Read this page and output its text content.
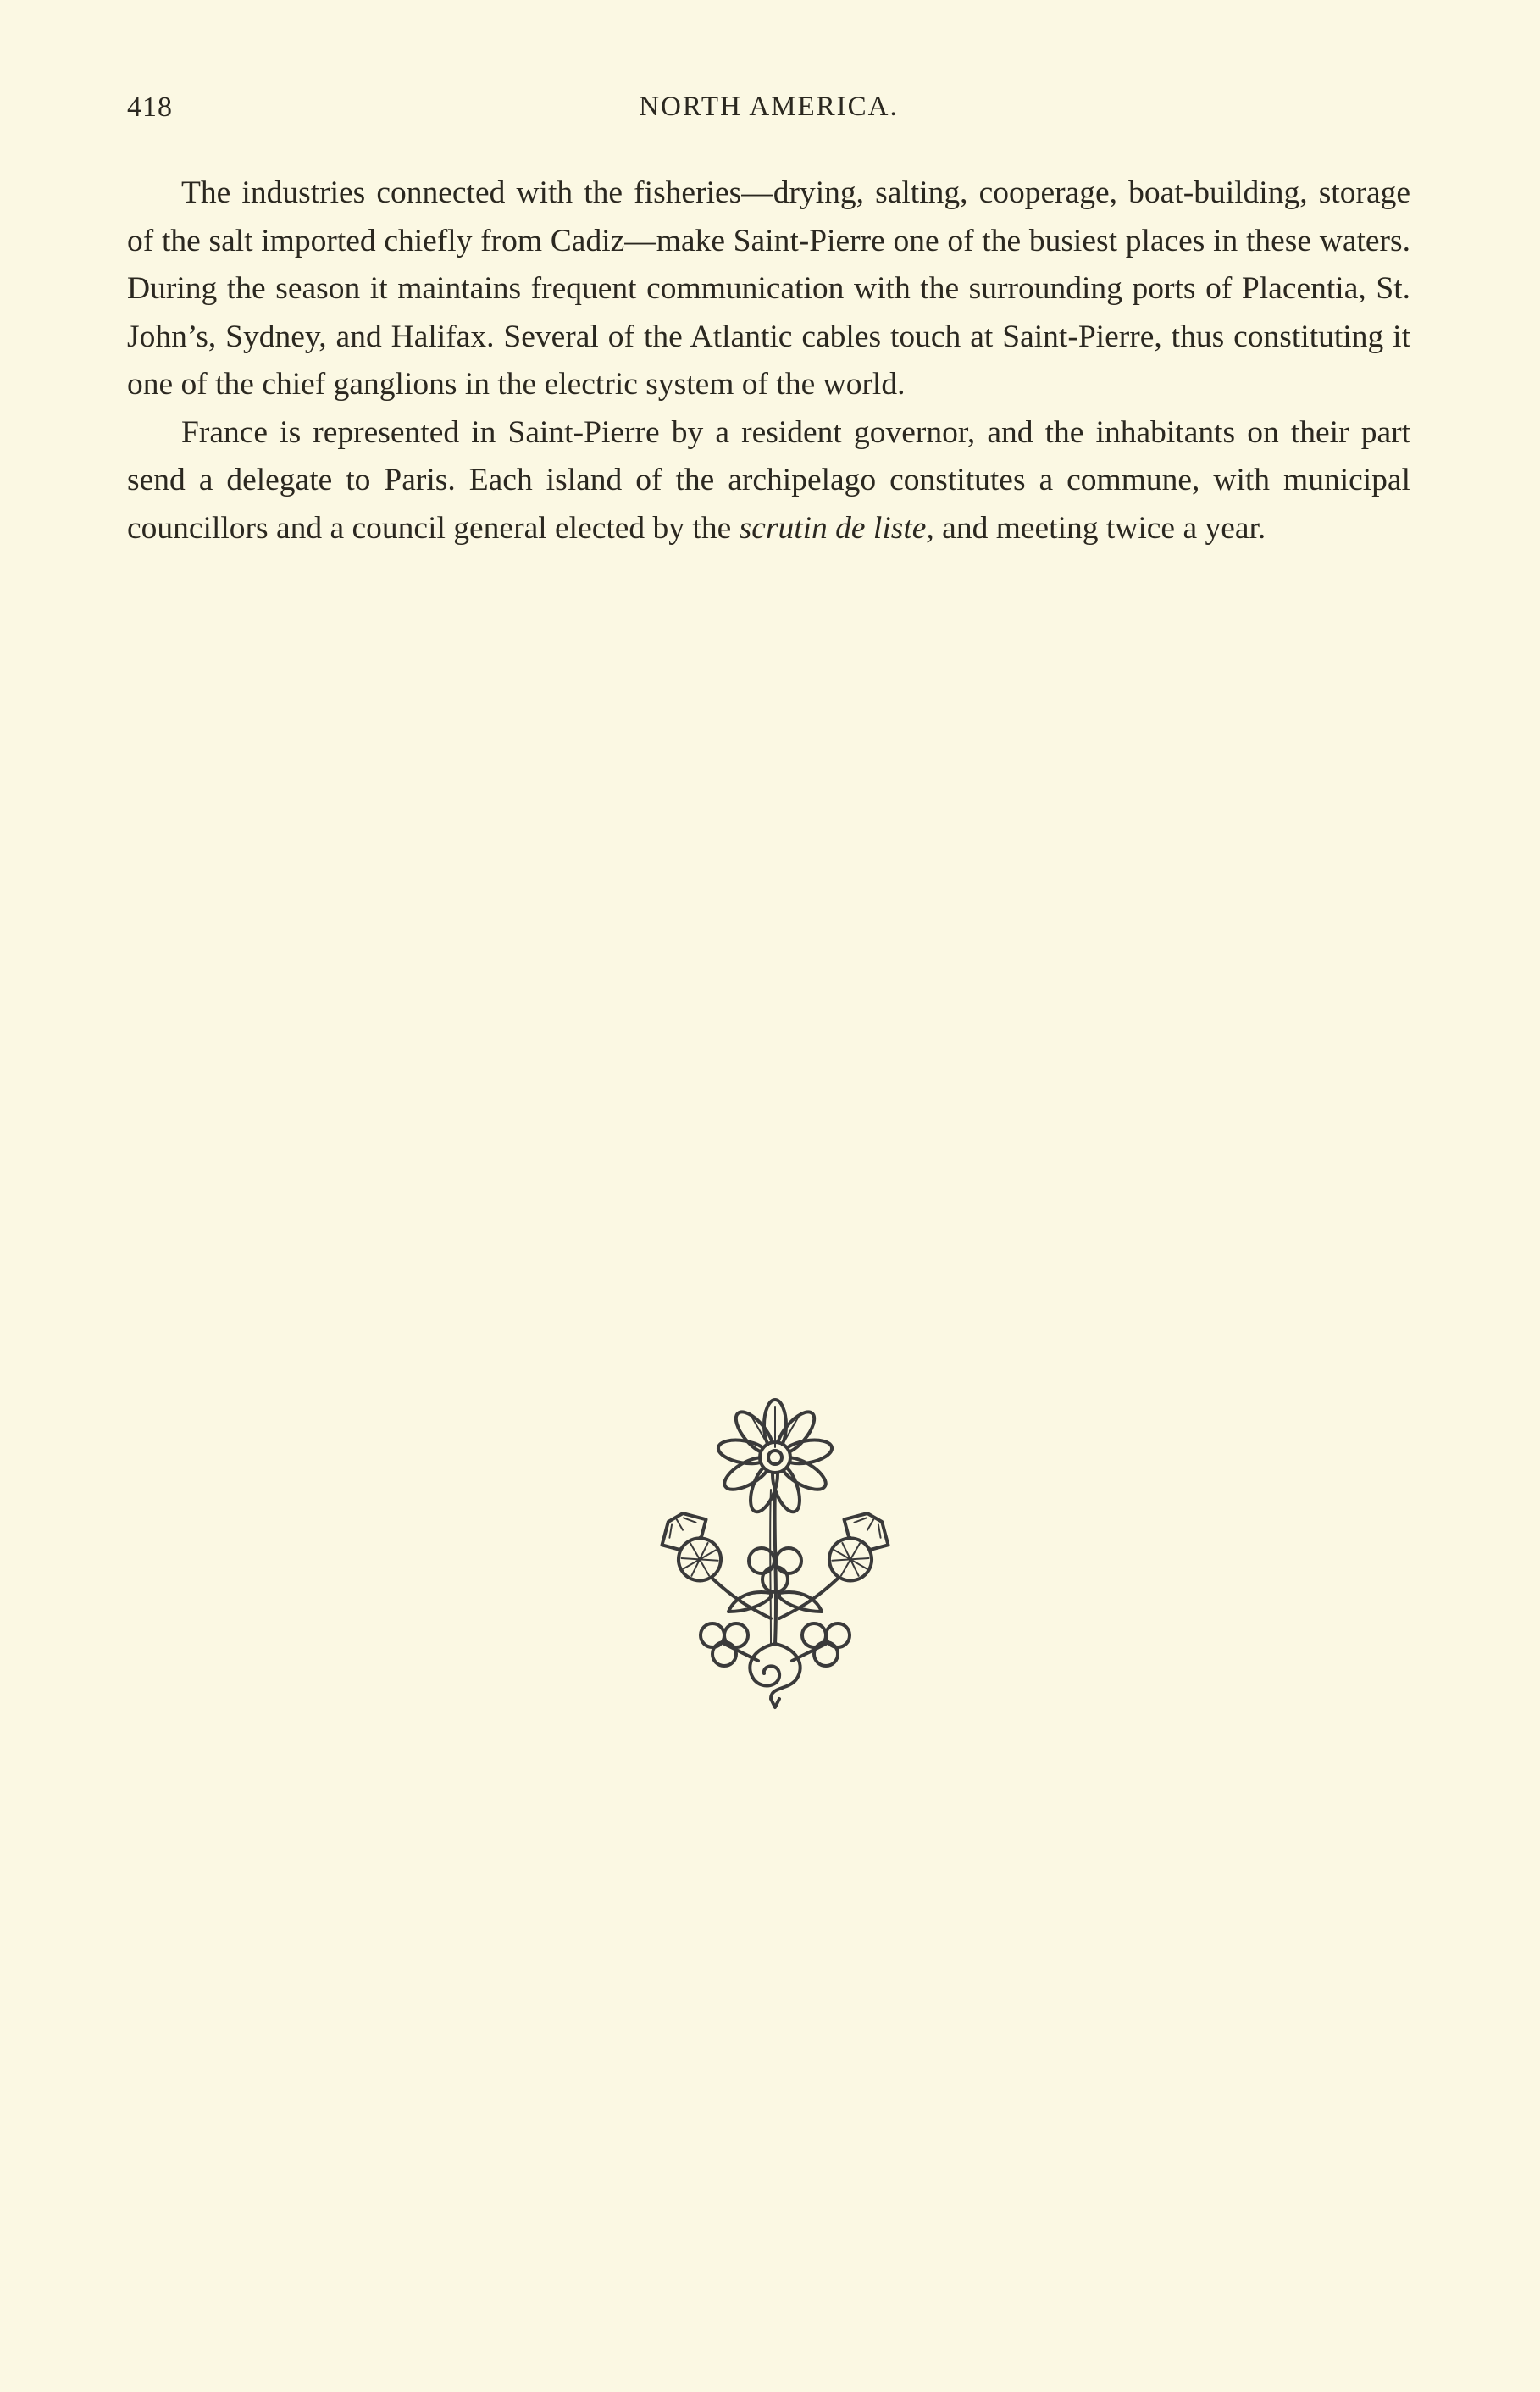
418	NORTH AMERICA.

The industries connected with the fisheries—drying, salting, cooperage, boat-building, storage of the salt imported chiefly from Cadiz—make Saint-Pierre one of the busiest places in these waters. During the season it maintains frequent communication with the surrounding ports of Placentia, St. John’s, Sydney, and Halifax. Several of the Atlantic cables touch at Saint-Pierre, thus constituting it one of the chief ganglions in the electric system of the world.

France is represented in Saint-Pierre by a resident governor, and the inhabitants on their part send a delegate to Paris. Each island of the archipelago constitutes a commune, with municipal councillors and a council general elected by the scrutin de liste, and meeting twice a year.
